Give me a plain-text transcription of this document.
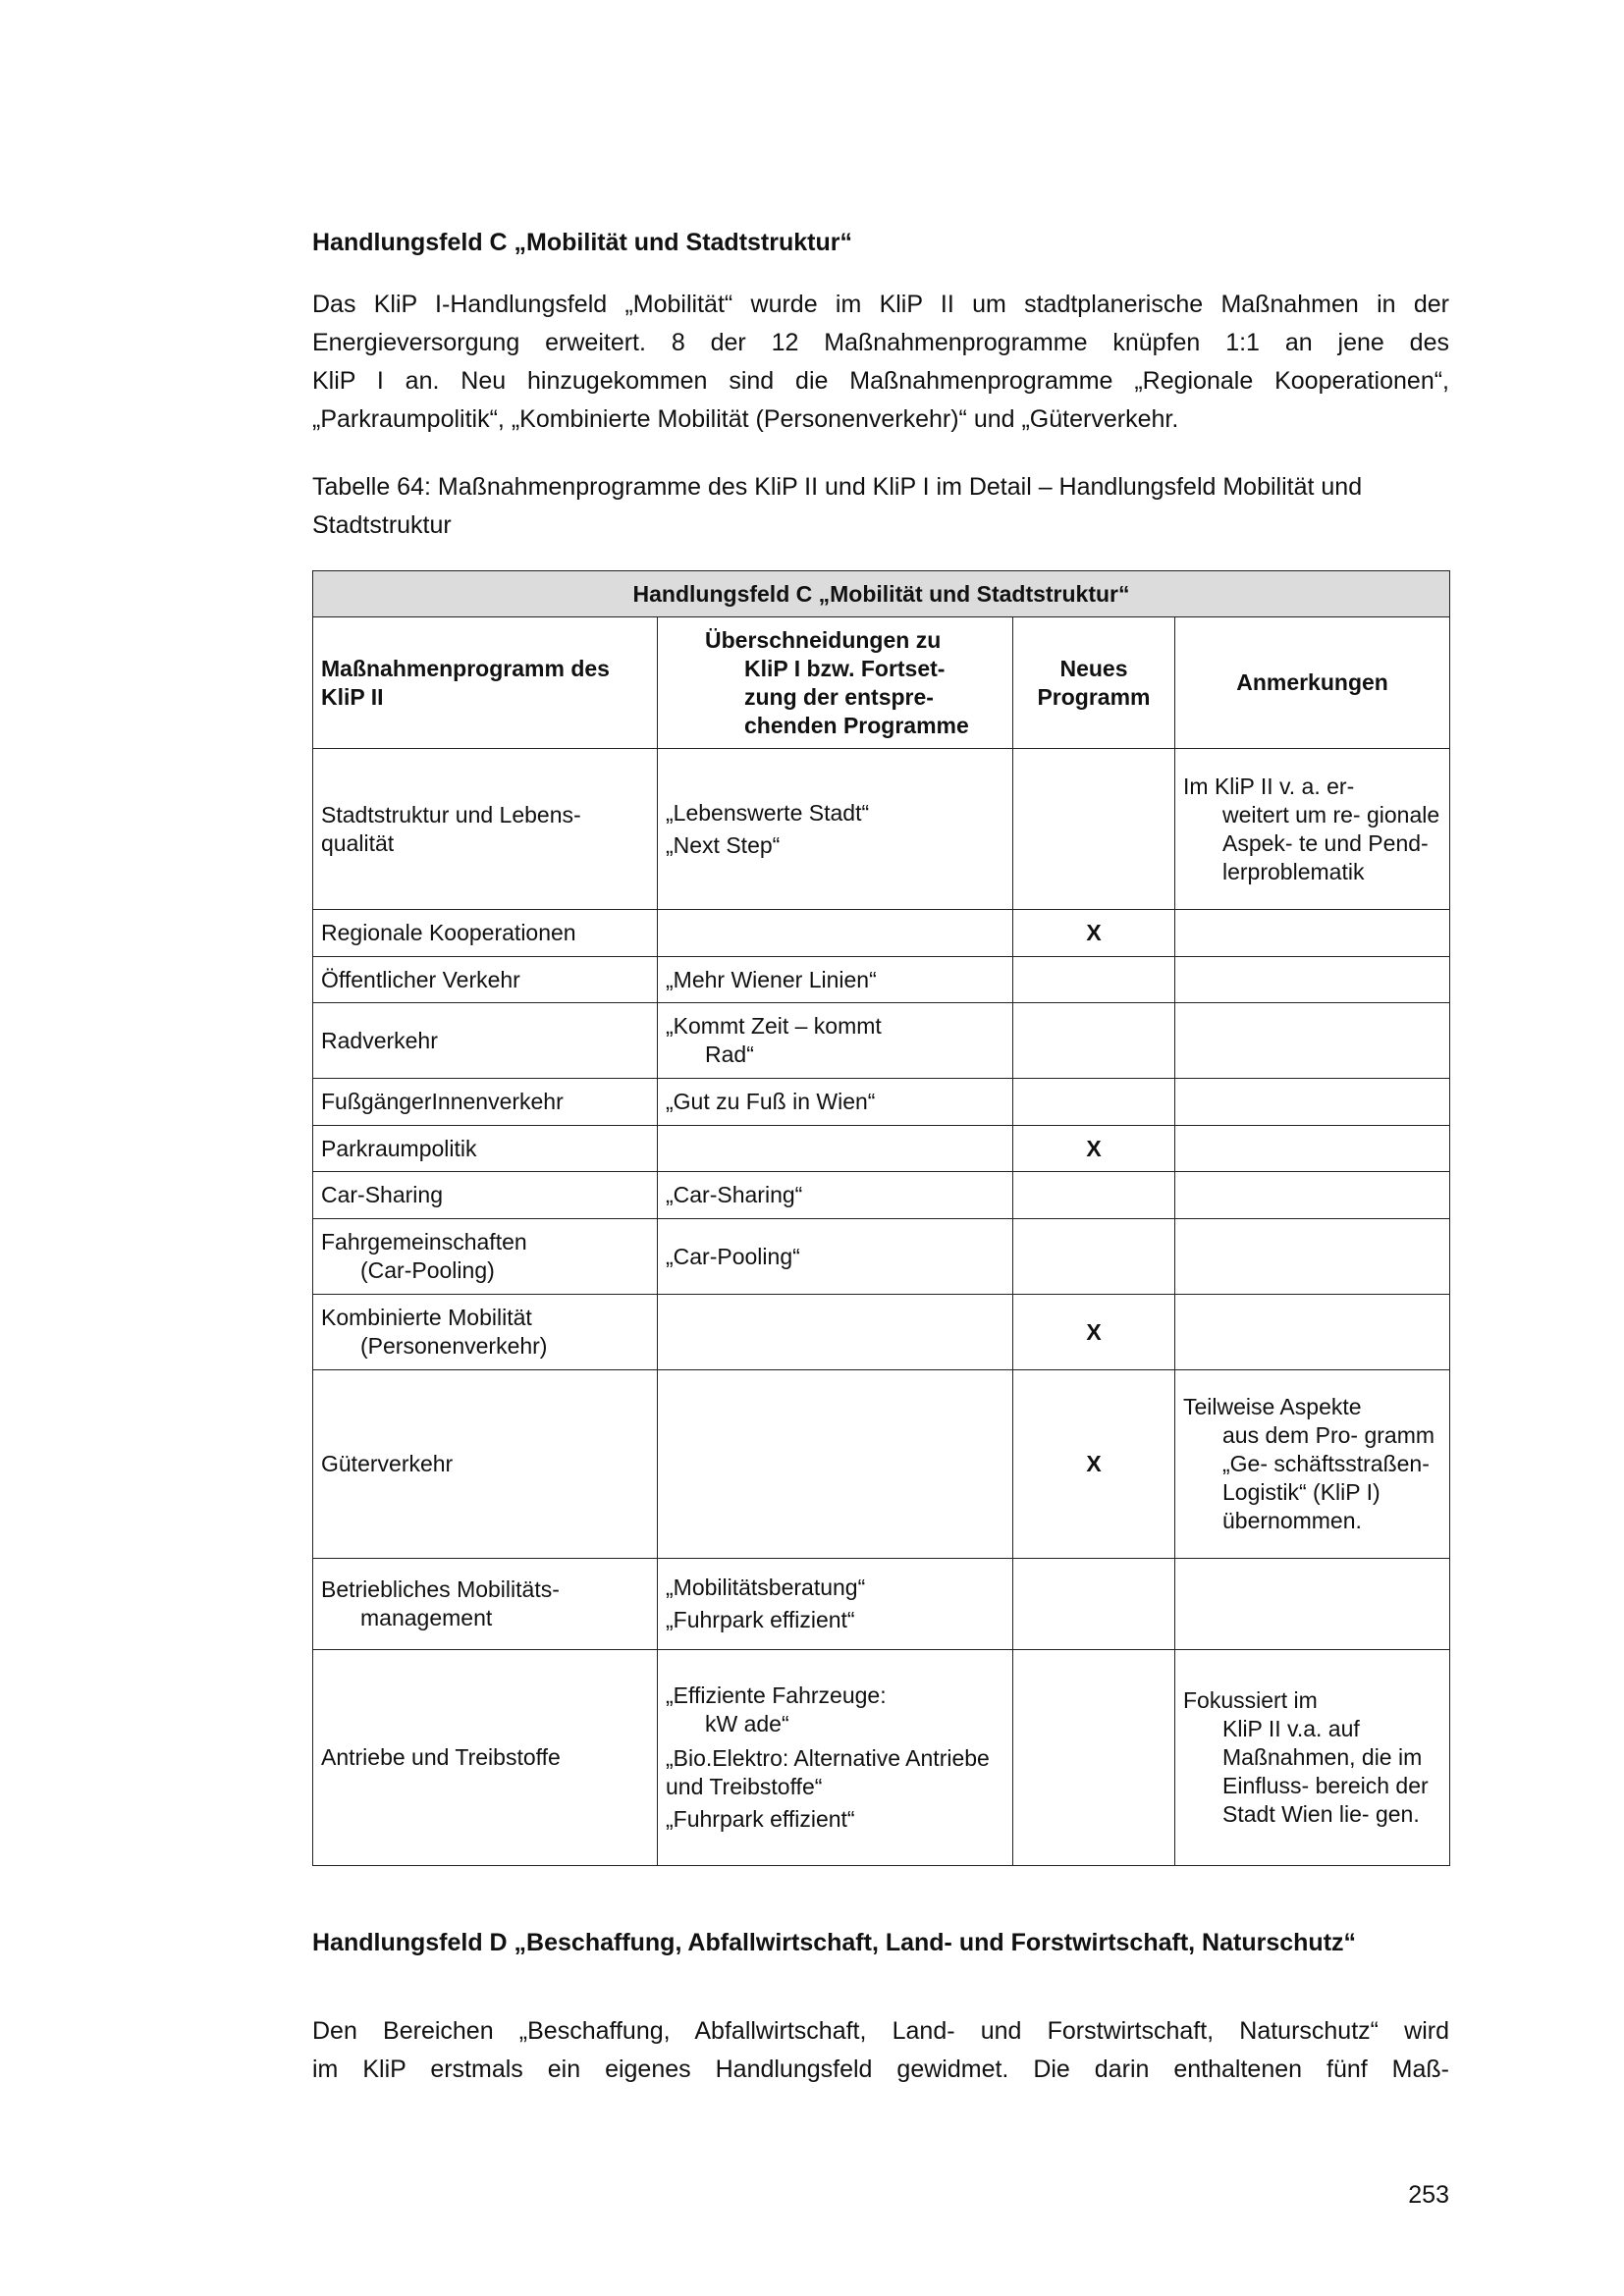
Handlungsfeld C „Mobilität und Stadtstruktur“
Das KliP I-Handlungsfeld „Mobilität“ wurde im KliP II um stadtplanerische Maßnahmen in der
Energieversorgung erweitert. 8 der 12 Maßnahmenprogramme knüpfen 1:1 an jene des
KliP I an. Neu hinzugekommen sind die Maßnahmenprogramme „Regionale Kooperationen“,
„Parkraumpolitik“, „Kombinierte Mobilität (Personenverkehr)“ und „Güterverkehr.

Tabelle 64: Maßnahmenprogramme des KliP II und KliP I im Detail – Handlungsfeld Mobilität und Stadtstruktur

Handlungsfeld C „Mobilität und Stadtstruktur“			
Maßnahmenprogramm des KliP II	Überschneidungen zu
KliP I bzw. Fortset-
zung der entspre-
chenden Programme	Neues Programm	Anmerkungen

Stadtstruktur und Lebens-
qualität	„Lebenswerte Stadt“
„Next Step“		Im KliP II v. a. er-
weitert um re- gionale Aspek- te und Pend- lerproblematik

Regionale Kooperationen		X	
Öffentlicher Verkehr	„Mehr Wiener Linien“		
Radverkehr	„Kommt Zeit – kommt
Rad“		

FußgängerInnenverkehr	„Gut zu Fuß in Wien“		
Parkraumpolitik		X	
Car-Sharing	„Car-Sharing“		

Fahrgemeinschaften
(Car-Pooling)	„Car-Pooling“		

Kombinierte Mobilität
(Personenverkehr)		X	
Güterverkehr		X	Teilweise Aspekte
aus dem Pro- gramm „Ge- schäftsstraßen- Logistik“ (KliP I) übernommen.

Betriebliches Mobilitäts-
management	„Mobilitätsberatung“
„Fuhrpark effizient“		

Antriebe und Treibstoffe	„Effiziente Fahrzeuge:
kW ade“
„Bio.Elektro: Alternative Antriebe und Treibstoffe“
„Fuhrpark effizient“		Fokussiert im
KliP II v.a. auf Maßnahmen, die im Einfluss- bereich der Stadt Wien lie- gen.
Handlungsfeld D „Beschaffung, Abfallwirtschaft, Land- und Forstwirtschaft, Naturschutz“
Den Bereichen „Beschaffung, Abfallwirtschaft, Land- und Forstwirtschaft, Naturschutz“ wird
im KliP erstmals ein eigenes Handlungsfeld gewidmet. Die darin enthaltenen fünf Maß-
253
